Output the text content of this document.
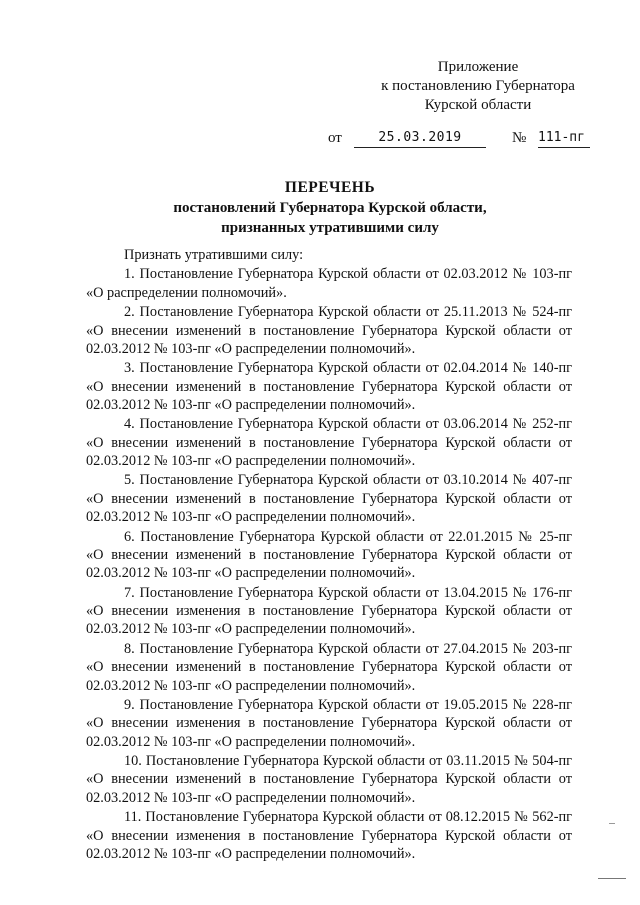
Приложение
к постановлению Губернатора
Курской области
от	25.03.2019	№ 111-пг
ПЕРЕЧЕНЬ
постановлений Губернатора Курской области,
признанных утратившими силу

Признать утратившими силу:

1. Постановление Губернатора Курской области от 02.03.2012 № 103-пг «О распределении полномочий».

2. Постановление Губернатора Курской области от 25.11.2013 № 524-пг «О внесении изменений в постановление Губернатора Курской области от 02.03.2012 № 103-пг «О распределении полномочий».

3. Постановление Губернатора Курской области от 02.04.2014 № 140-пг «О внесении изменений в постановление Губернатора Курской области от 02.03.2012 № 103-пг «О распределении полномочий».

4. Постановление Губернатора Курской области от 03.06.2014 № 252-пг «О внесении изменений в постановление Губернатора Курской области от 02.03.2012 № 103-пг «О распределении полномочий».

5. Постановление Губернатора Курской области от 03.10.2014 № 407-пг «О внесении изменений в постановление Губернатора Курской области от 02.03.2012 № 103-пг «О распределении полномочий».

6. Постановление Губернатора Курской области от 22.01.2015 № 25-пг «О внесении изменений в постановление Губернатора Курской области от 02.03.2012 № 103-пг «О распределении полномочий».

7. Постановление Губернатора Курской области от 13.04.2015 № 176-пг «О внесении изменения в постановление Губернатора Курской области от 02.03.2012 № 103-пг «О распределении полномочий».

8. Постановление Губернатора Курской области от 27.04.2015 № 203-пг «О внесении изменений в постановление Губернатора Курской области от 02.03.2012 № 103-пг «О распределении полномочий».

9. Постановление Губернатора Курской области от 19.05.2015 № 228-пг «О внесении изменения в постановление Губернатора Курской области от 02.03.2012 № 103-пг «О распределении полномочий».

10. Постановление Губернатора Курской области от 03.11.2015 № 504-пг «О внесении изменений в постановление Губернатора Курской области от 02.03.2012 № 103-пг «О распределении полномочий».

11. Постановление Губернатора Курской области от 08.12.2015 № 562-пг «О внесении изменения в постановление Губернатора Курской области от 02.03.2012 № 103-пг «О распределении полномочий».
